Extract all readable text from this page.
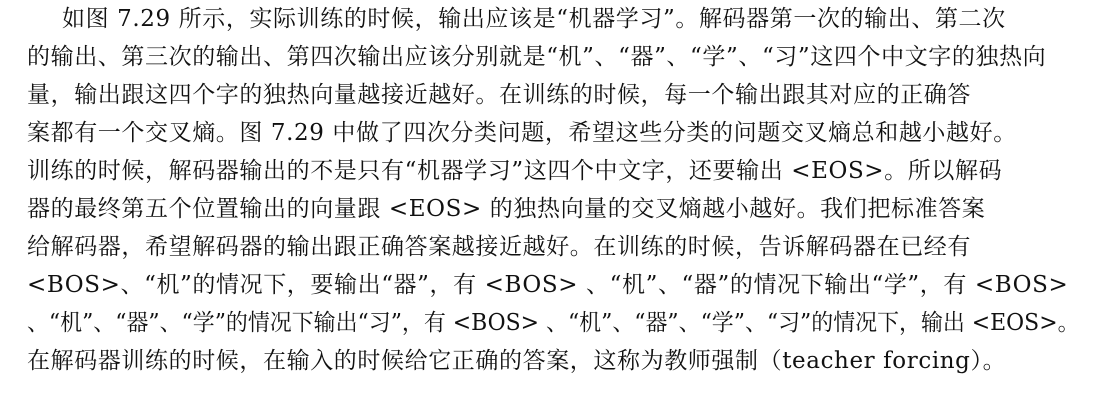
如图 7.29 所示，实际训练的时候，输出应该是“机器学习”。解码器第一次的输出、第二次
的输出、第三次的输出、第四次输出应该分别就是“机”、“器”、“学”、“习”这四个中文字的独热向
量，输出跟这四个字的独热向量越接近越好。在训练的时候，每一个输出跟其对应的正确答
案都有一个交叉熵。图 7.29 中做了四次分类问题，希望这些分类的问题交叉熵总和越小越好。
训练的时候，解码器输出的不是只有“机器学习”这四个中文字，还要输出 <EOS>。所以解码
器的最终第五个位置输出的向量跟 <EOS> 的独热向量的交叉熵越小越好。我们把标准答案
给解码器，希望解码器的输出跟正确答案越接近越好。在训练的时候，告诉解码器在已经有
<BOS>、“机”的情况下，要输出“器”，有 <BOS> 、“机”、“器”的情况下输出“学”，有 <BOS>
、“机”、“器”、“学”的情况下输出“习”，有 <BOS> 、“机”、“器”、“学”、“习”的情况下，输出 <EOS>。
在解码器训练的时候，在输入的时候给它正确的答案，这称为教师强制（teacher forcing）。
